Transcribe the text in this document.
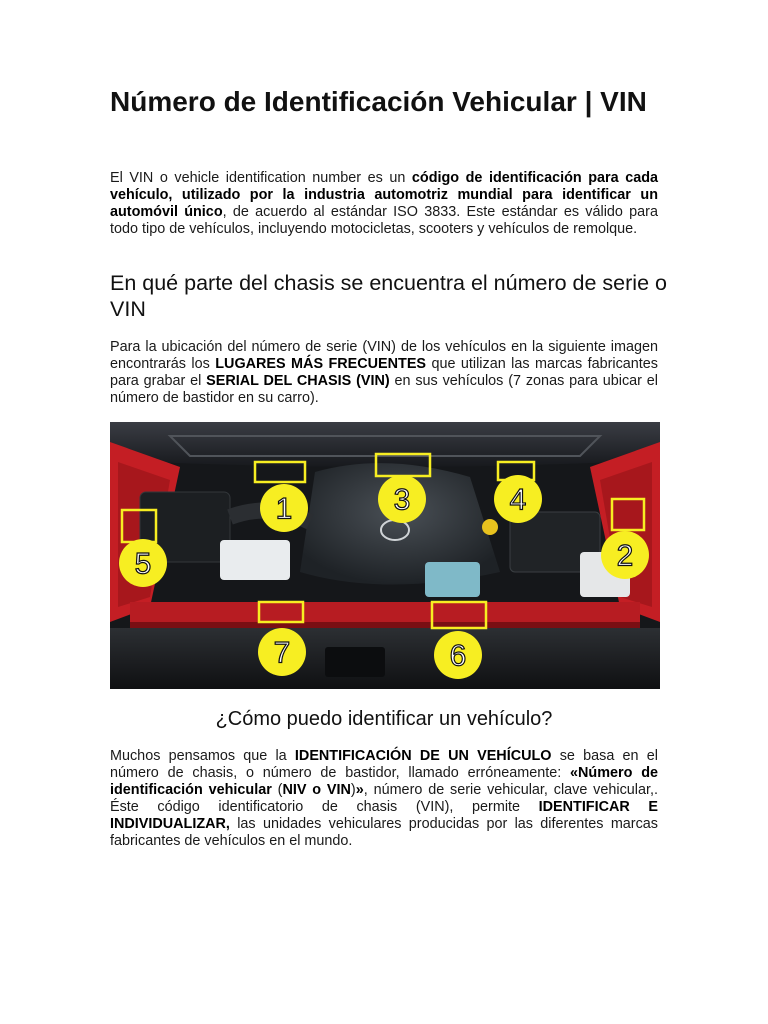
Número de Identificación Vehicular | VIN

El VIN o vehicle identification number es un código de identificación para cada vehículo, utilizado por la industria automotriz mundial para identificar un automóvil único, de acuerdo al estándar ISO 3833. Este estándar es válido para todo tipo de vehículos, incluyendo motocicletas, scooters y vehículos de remolque.

En qué parte del chasis se encuentra el número de serie o VIN

Para la ubicación del número de serie (VIN) de los vehículos en la siguiente imagen encontrarás los LUGARES MÁS FRECUENTES que utilizan las marcas fabricantes para grabar el SERIAL DEL CHASIS (VIN) en sus vehículos (7 zonas para ubicar el número de bastidor en su carro).

1	3	4
5	2
7	6
¿Cómo puedo identificar un vehículo?

Muchos pensamos que la IDENTIFICACIÓN DE UN VEHÍCULO se basa en el número de chasis, o número de bastidor, llamado erróneamente: «Número de identificación vehicular (NIV o VIN)», número de serie vehicular, clave vehicular,. Éste código identificatorio de chasis (VIN), permite IDENTIFICAR E INDIVIDUALIZAR, las unidades vehiculares producidas por las diferentes marcas fabricantes de vehículos en el mundo.
